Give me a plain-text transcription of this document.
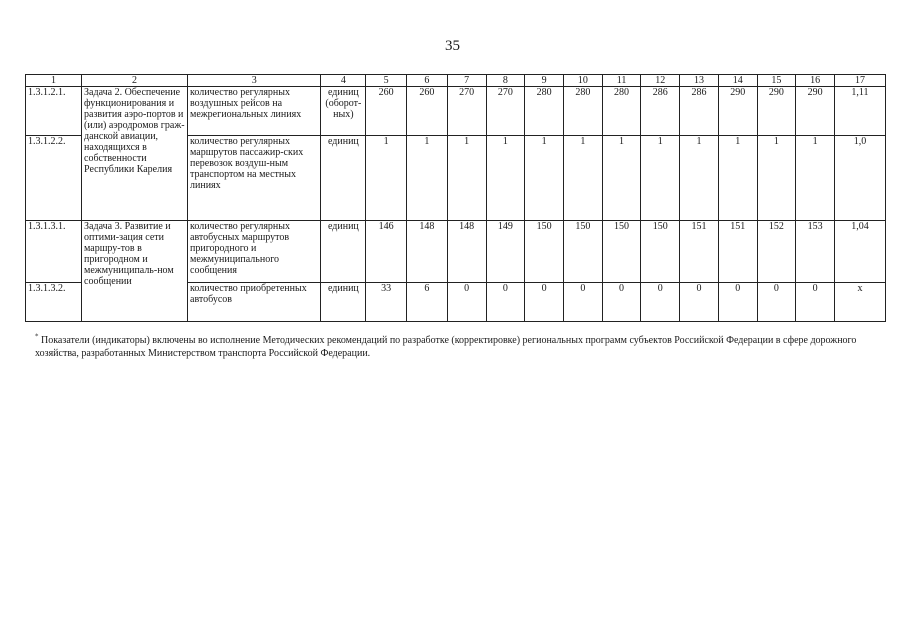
35
1	2	3	4	5	6	7	8	9	10	11	12	13	14	15	16	17
1.3.1.2.1.	Задача 2. Обеспечение функционирования и развития аэро-портов и (или) аэродромов граж-данской авиации, находящихся в собственности Республики Карелия	количество регулярных воздушных рейсов на межрегиональных линиях	единиц (оборот-ных)	260	260	270	270	280	280	280	286	286	290	290	290	1,11
1.3.1.2.2.		количество регулярных маршрутов пассажир-ских перевозок воздуш-ным транспортом на местных линиях	единиц	1	1	1	1	1	1	1	1	1	1	1	1	1,0
1.3.1.3.1.	Задача 3. Развитие и оптими-зация сети маршру-тов в пригородном и межмуниципаль-ном сообщении	количество регулярных автобусных маршрутов пригородного и межмуниципального сообщения	единиц	146	148	148	149	150	150	150	150	151	151	152	153	1,04
1.3.1.3.2.		количество приобретенных автобусов	единиц	33	6	0	0	0	0	0	0	0	0	0	0	x
* Показатели (индикаторы) включены во исполнение Методических рекомендаций по разработке (корректировке) региональных программ субъектов Российской Федерации в сфере дорожного хозяйства, разработанных Министерством транспорта Российской Федерации.
